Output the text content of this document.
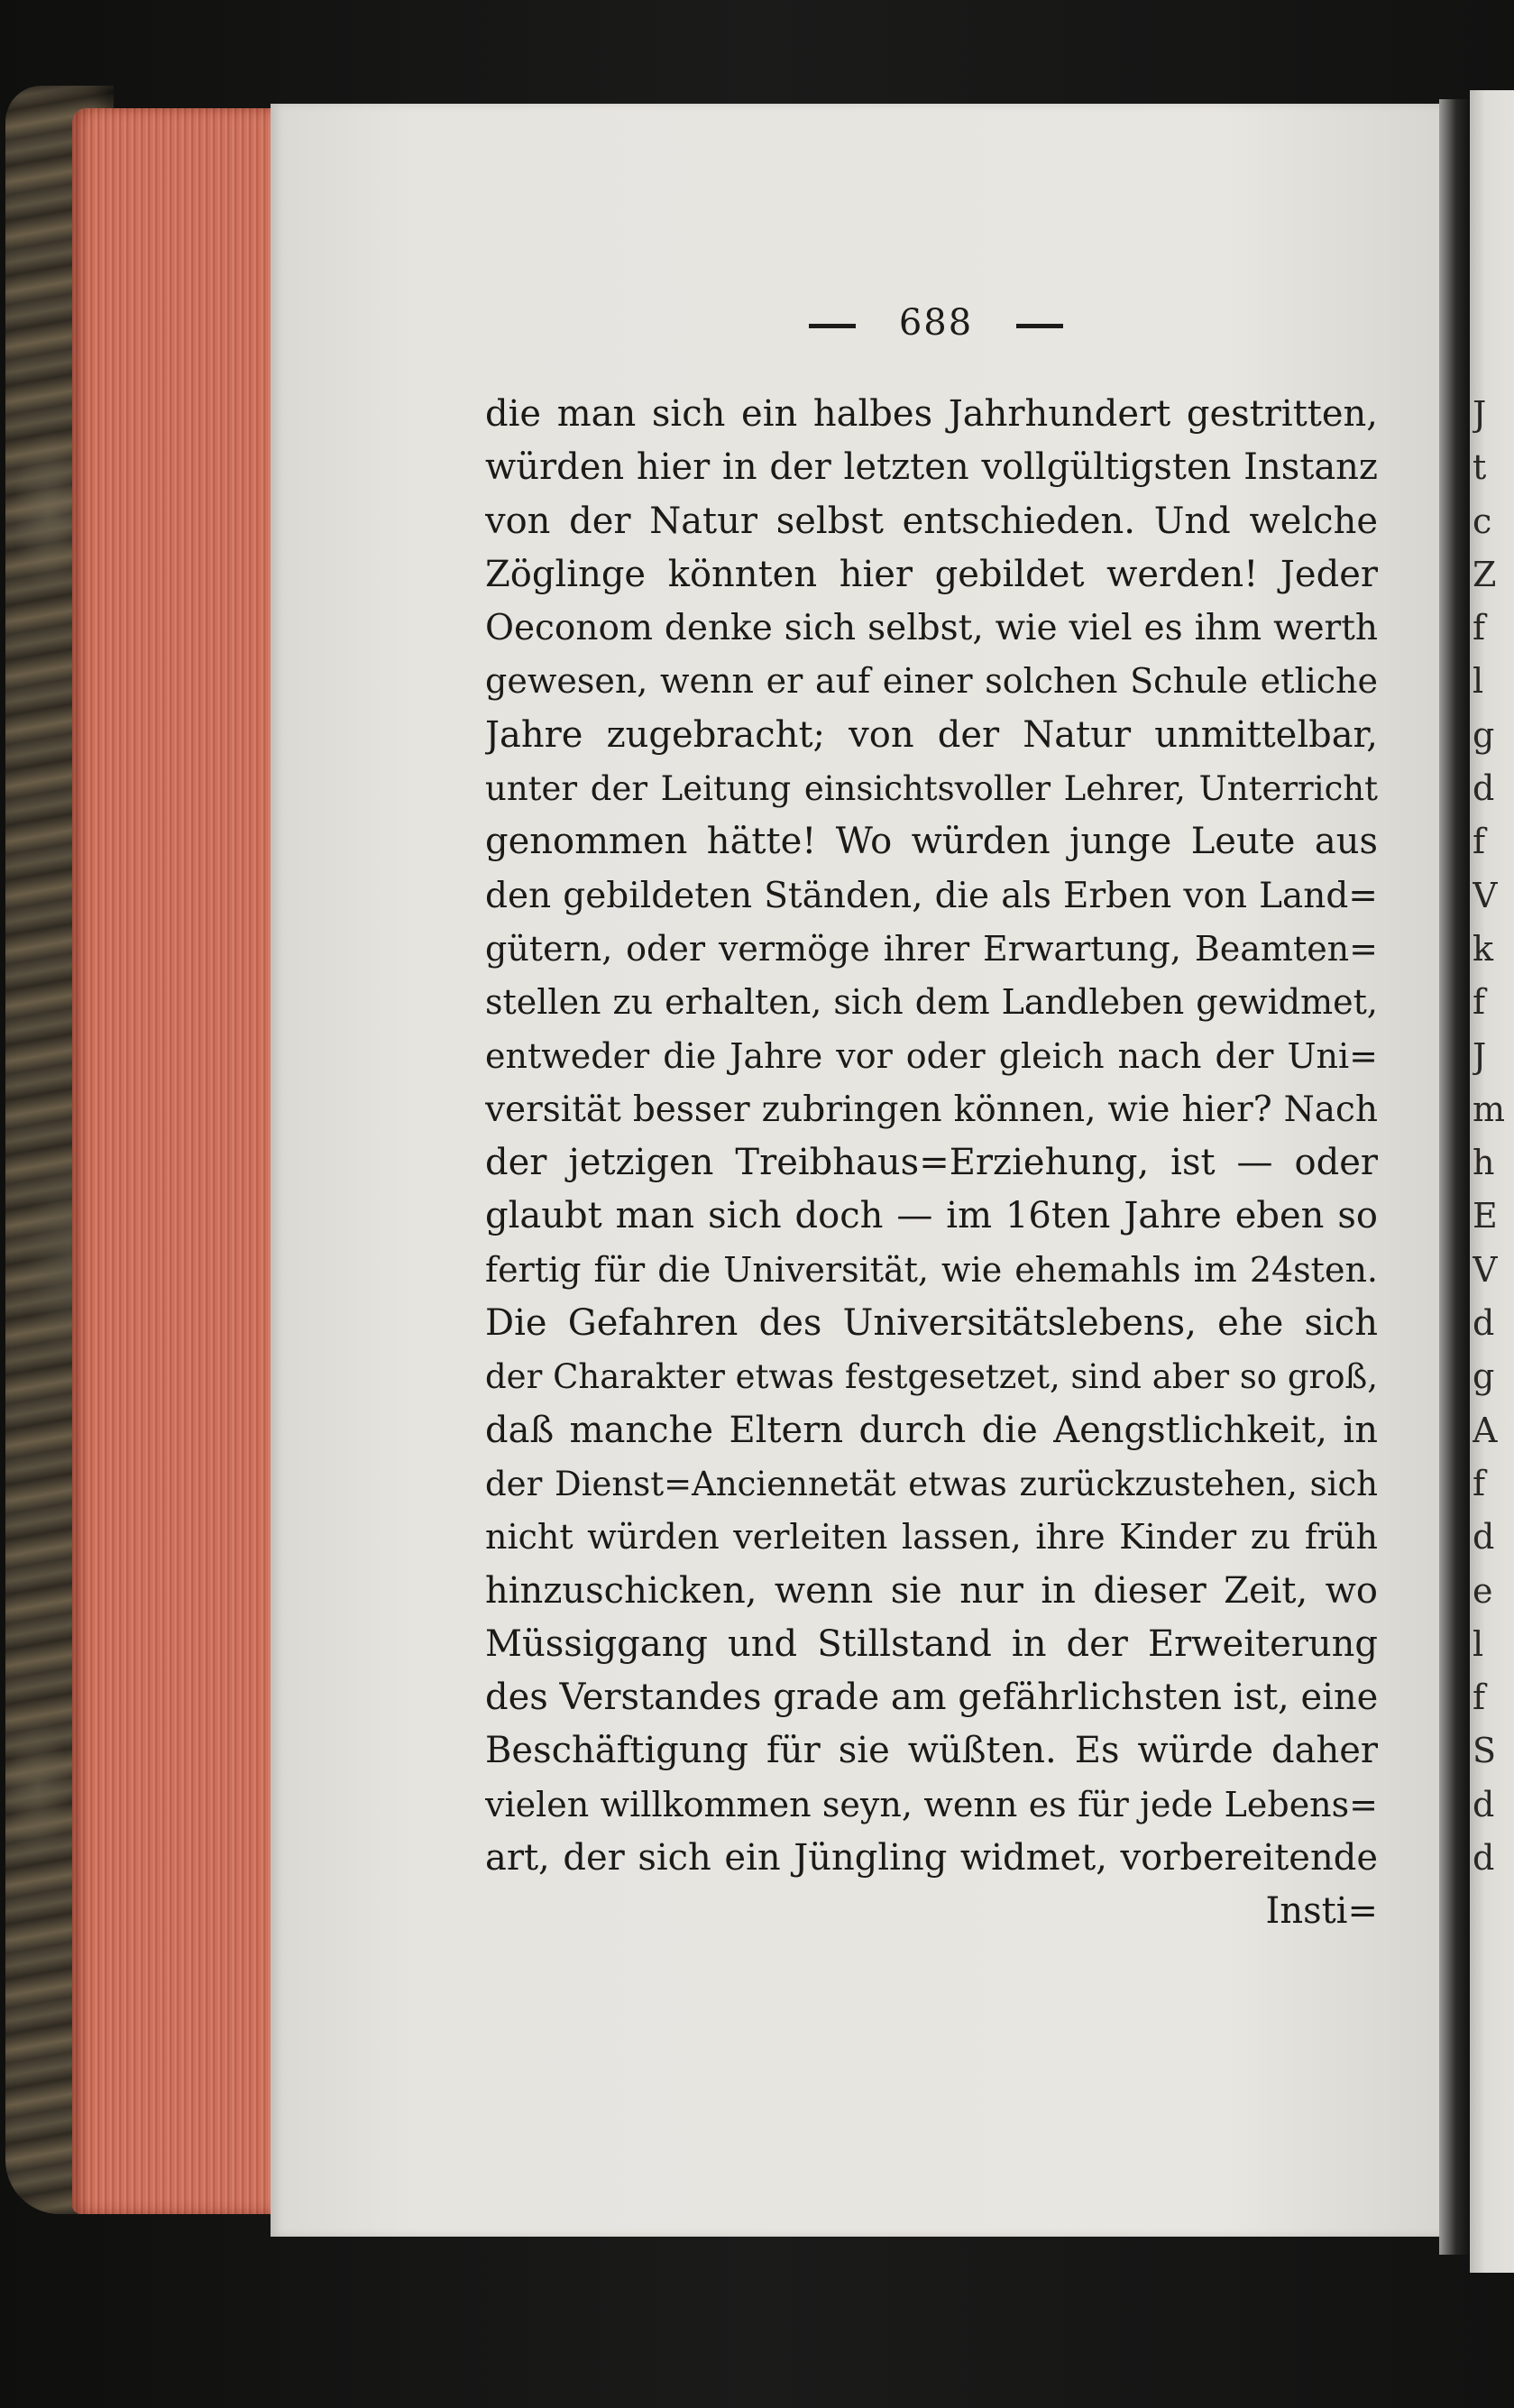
688
die man sich ein halbes Jahrhundert gestritten,
würden hier in der letzten vollgültigsten Instanz
von der Natur selbst entschieden. Und welche
Zöglinge könnten hier gebildet werden! Jeder
Oeconom denke sich selbst, wie viel es ihm werth
gewesen, wenn er auf einer solchen Schule etliche
Jahre zugebracht; von der Natur unmittelbar,
unter der Leitung einsichtsvoller Lehrer, Unterricht
genommen hätte! Wo würden junge Leute aus
den gebildeten Ständen, die als Erben von Land=
gütern, oder vermöge ihrer Erwartung, Beamten=
stellen zu erhalten, sich dem Landleben gewidmet,
entweder die Jahre vor oder gleich nach der Uni=
versität besser zubringen können, wie hier? Nach
der jetzigen Treibhaus=Erziehung, ist — oder
glaubt man sich doch — im 16ten Jahre eben so
fertig für die Universität, wie ehemahls im 24sten.
Die Gefahren des Universitätslebens, ehe sich
der Charakter etwas festgesetzet, sind aber so groß,
daß manche Eltern durch die Aengstlichkeit, in
der Dienst=Anciennetät etwas zurückzustehen, sich
nicht würden verleiten lassen, ihre Kinder zu früh
hinzuschicken, wenn sie nur in dieser Zeit, wo
Müssiggang und Stillstand in der Erweiterung
des Verstandes grade am gefährlichsten ist, eine
Beschäftigung für sie wüßten. Es würde daher
vielen willkommen seyn, wenn es für jede Lebens=
art, der sich ein Jüngling widmet, vorbereitende
Insti=
J
t
c
Z
f
l
g
d
f
V
k
f
J
m
h
E
V
d
g
A
f
d
e
l
f
S
d
d
